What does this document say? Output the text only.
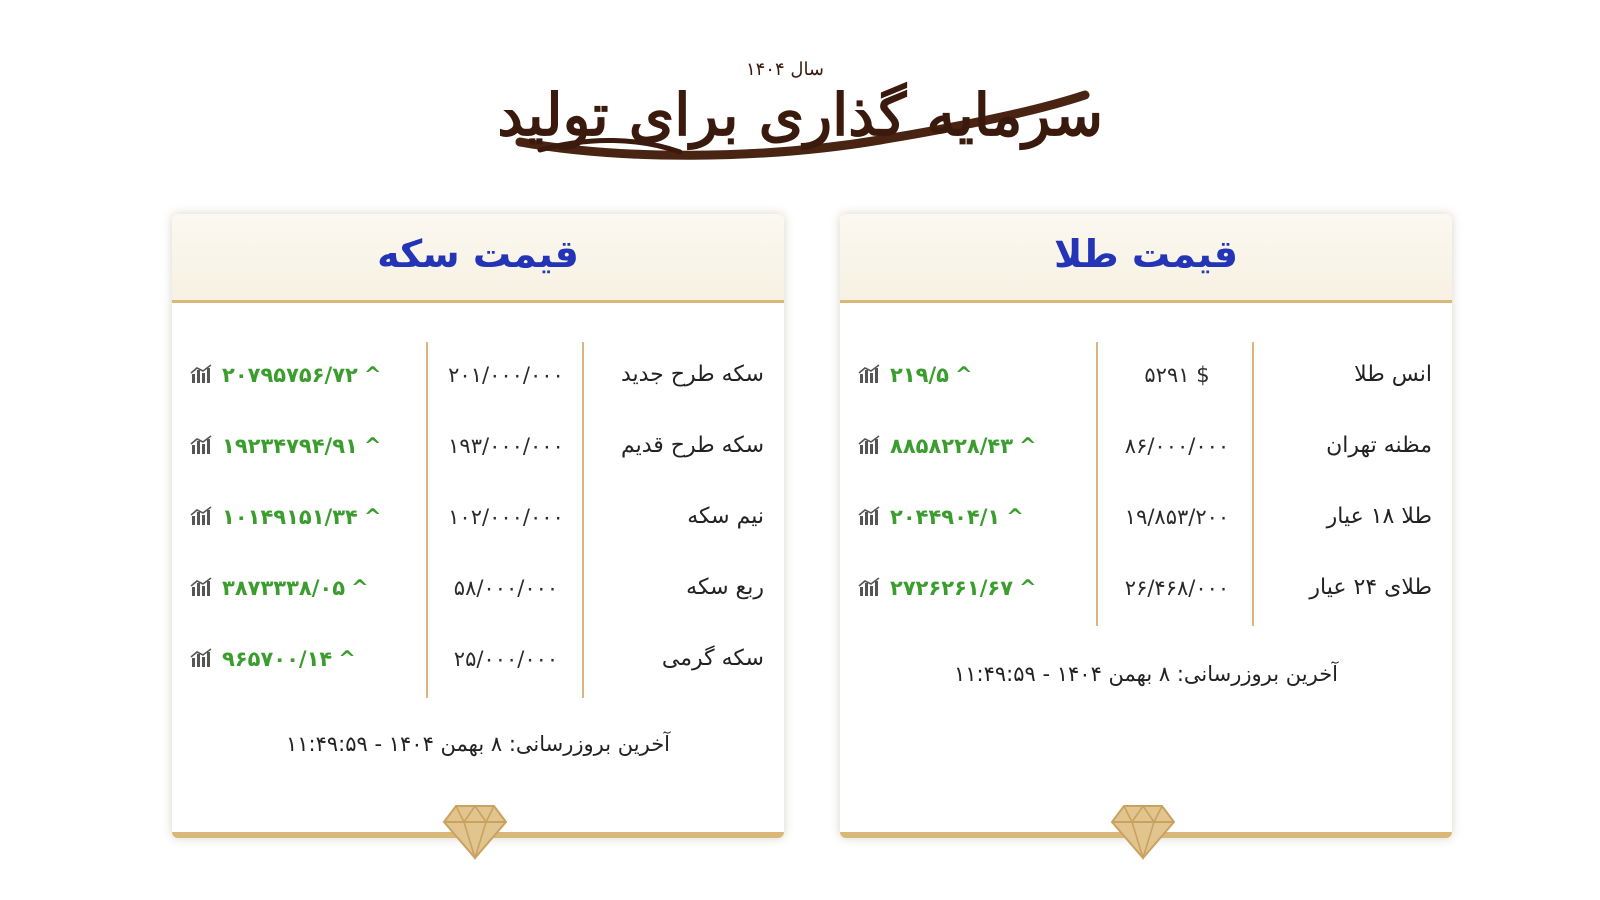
سرمایه گذاری برای تولید
سال ۱۴۰۴
قیمت طلا
انس طلا
$ ۵۲۹۱
۲۱۹/۵ ^
مظنه تهران
۸۶/۰۰۰/۰۰۰
۸۸۵۸۲۲۸/۴۳ ^
طلا ۱۸ عیار
۱۹/۸۵۳/۲۰۰
۲۰۴۴۹۰۴/۱ ^
طلای ۲۴ عیار
۲۶/۴۶۸/۰۰۰
۲۷۲۶۲۶۱/۶۷ ^
آخرین بروزرسانی: ۸ بهمن ۱۴۰۴ - ۱۱:۴۹:۵۹
قیمت سکه
سکه طرح جدید
۲۰۱/۰۰۰/۰۰۰
۲۰۷۹۵۷۵۶/۷۲ ^
سکه طرح قدیم
۱۹۳/۰۰۰/۰۰۰
۱۹۲۳۴۷۹۴/۹۱ ^
نیم سکه
۱۰۲/۰۰۰/۰۰۰
۱۰۱۴۹۱۵۱/۳۴ ^
ربع سکه
۵۸/۰۰۰/۰۰۰
۳۸۷۳۳۳۸/۰۵ ^
سکه گرمی
۲۵/۰۰۰/۰۰۰
۹۶۵۷۰۰/۱۴ ^
آخرین بروزرسانی: ۸ بهمن ۱۴۰۴ - ۱۱:۴۹:۵۹
